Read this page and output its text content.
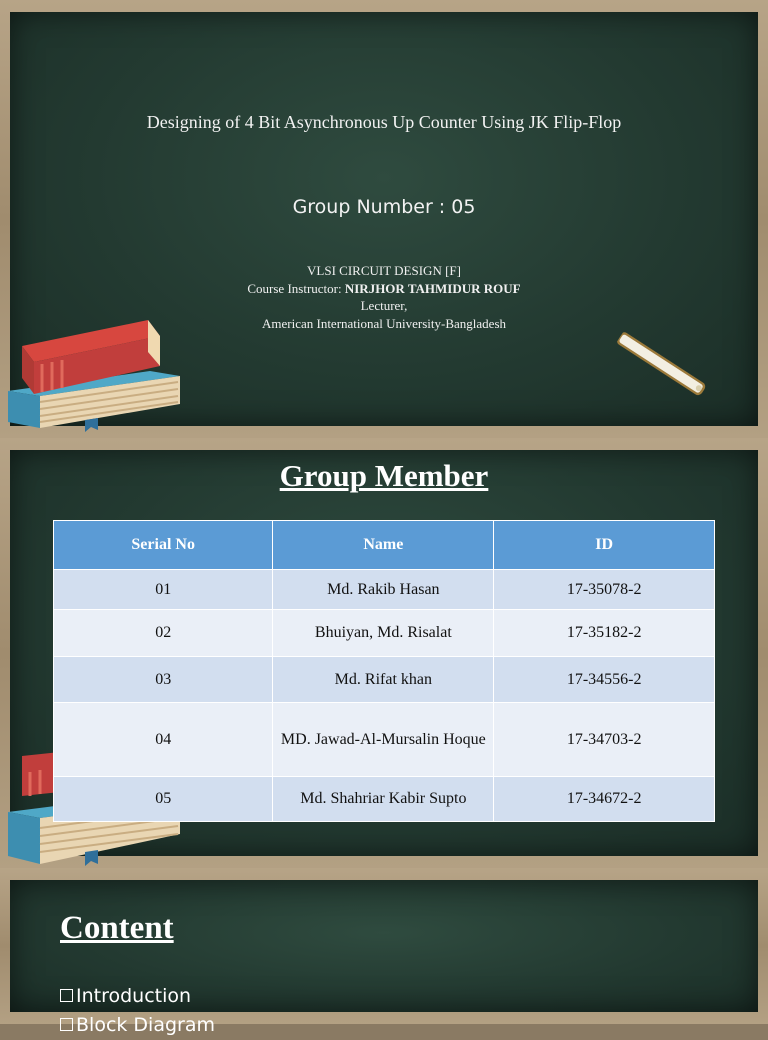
Designing of 4 Bit Asynchronous Up Counter Using JK Flip-Flop
Group Number : 05
VLSI CIRCUIT DESIGN [F]
Course Instructor: NIRJHOR TAHMIDUR ROUF
Lecturer,
American International University-Bangladesh
Group Member
Serial No	Name	ID
01	Md. Rakib Hasan	17-35078-2
02	Bhuiyan, Md. Risalat	17-35182-2
03	Md. Rifat khan	17-34556-2
04	MD. Jawad-Al-Mursalin Hoque	17-34703-2
05	Md. Shahriar Kabir Supto	17-34672-2
Content
Introduction
Block Diagram
